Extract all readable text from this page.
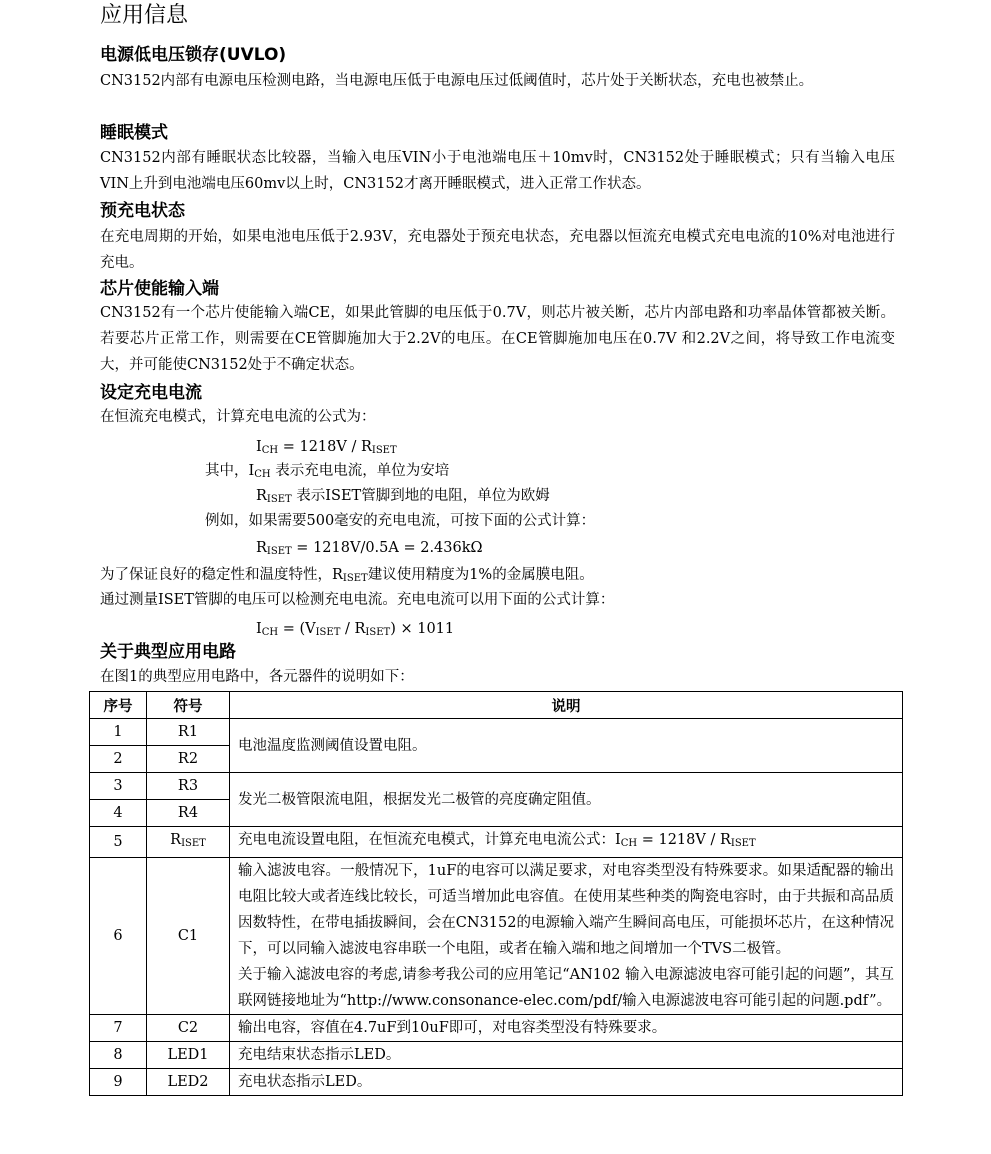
应用信息
电源低电压锁存(UVLO)

CN3152内部有电源电压检测电路，当电源电压低于电源电压过低阈值时，芯片处于关断状态，充电也被禁止。

睡眠模式

CN3152内部有睡眠状态比较器，当输入电压VIN小于电池端电压＋10mv时，CN3152处于睡眠模式；只有当输入电压VIN上升到电池端电压60mv以上时，CN3152才离开睡眠模式，进入正常工作状态。

预充电状态

在充电周期的开始，如果电池电压低于2.93V，充电器处于预充电状态，充电器以恒流充电模式充电电流的10%对电池进行充电。

芯片使能输入端

CN3152有一个芯片使能输入端CE，如果此管脚的电压低于0.7V，则芯片被关断，芯片内部电路和功率晶体管都被关断。若要芯片正常工作，则需要在CE管脚施加大于2.2V的电压。在CE管脚施加电压在0.7V 和2.2V之间，将导致工作电流变大，并可能使CN3152处于不确定状态。

设定充电电流

在恒流充电模式，计算充电电流的公式为：

$I_{CH} = 1218V / R_{ISET}$

其中，$I_{CH}$ 表示充电电流，单位为安培

$R_{ISET}$ 表示ISET管脚到地的电阻，单位为欧姆

例如，如果需要500毫安的充电电流，可按下面的公式计算：

$R_{ISET} = 1218V/0.5A = 2.436k\Omega$

为了保证良好的稳定性和温度特性，$R_{ISET}$建议使用精度为1%的金属膜电阻。

通过测量ISET管脚的电压可以检测充电电流。充电电流可以用下面的公式计算：

$I_{CH} = (V_{ISET} / R_{ISET}) \times 1011$

关于典型应用电路

在图1的典型应用电路中，各元器件的说明如下：

序号	符号	说明
1	R1	电池温度监测阈值设置电阻。
2	R2	
3	R3	发光二极管限流电阻，根据发光二极管的亮度确定阻值。
4	R4	
5	$R_{ISET}$	充电电流设置电阻，在恒流充电模式，计算充电电流公式：$I_{CH} = 1218V / R_{ISET}$
6	C1	输入滤波电容。一般情况下，1uF的电容可以满足要求，对电容类型没有特殊要求。如果适配器的输出电阻比较大或者连线比较长，可适当增加此电容值。在使用某些种类的陶瓷电容时，由于共振和高品质因数特性，在带电插拔瞬间，会在CN3152的电源输入端产生瞬间高电压，可能损坏芯片，在这种情况下，可以同输入滤波电容串联一个电阻，或者在输入端和地之间增加一个TVS二极管。
关于输入滤波电容的考虑,请参考我公司的应用笔记“AN102 输入电源滤波电容可能引起的问题”，其互联网链接地址为“http://www.consonance-elec.com/pdf/输入电源滤波电容可能引起的问题.pdf”。

7	C2	输出电容，容值在4.7uF到10uF即可，对电容类型没有特殊要求。
8	LED1	充电结束状态指示LED。
9	LED2	充电状态指示LED。
